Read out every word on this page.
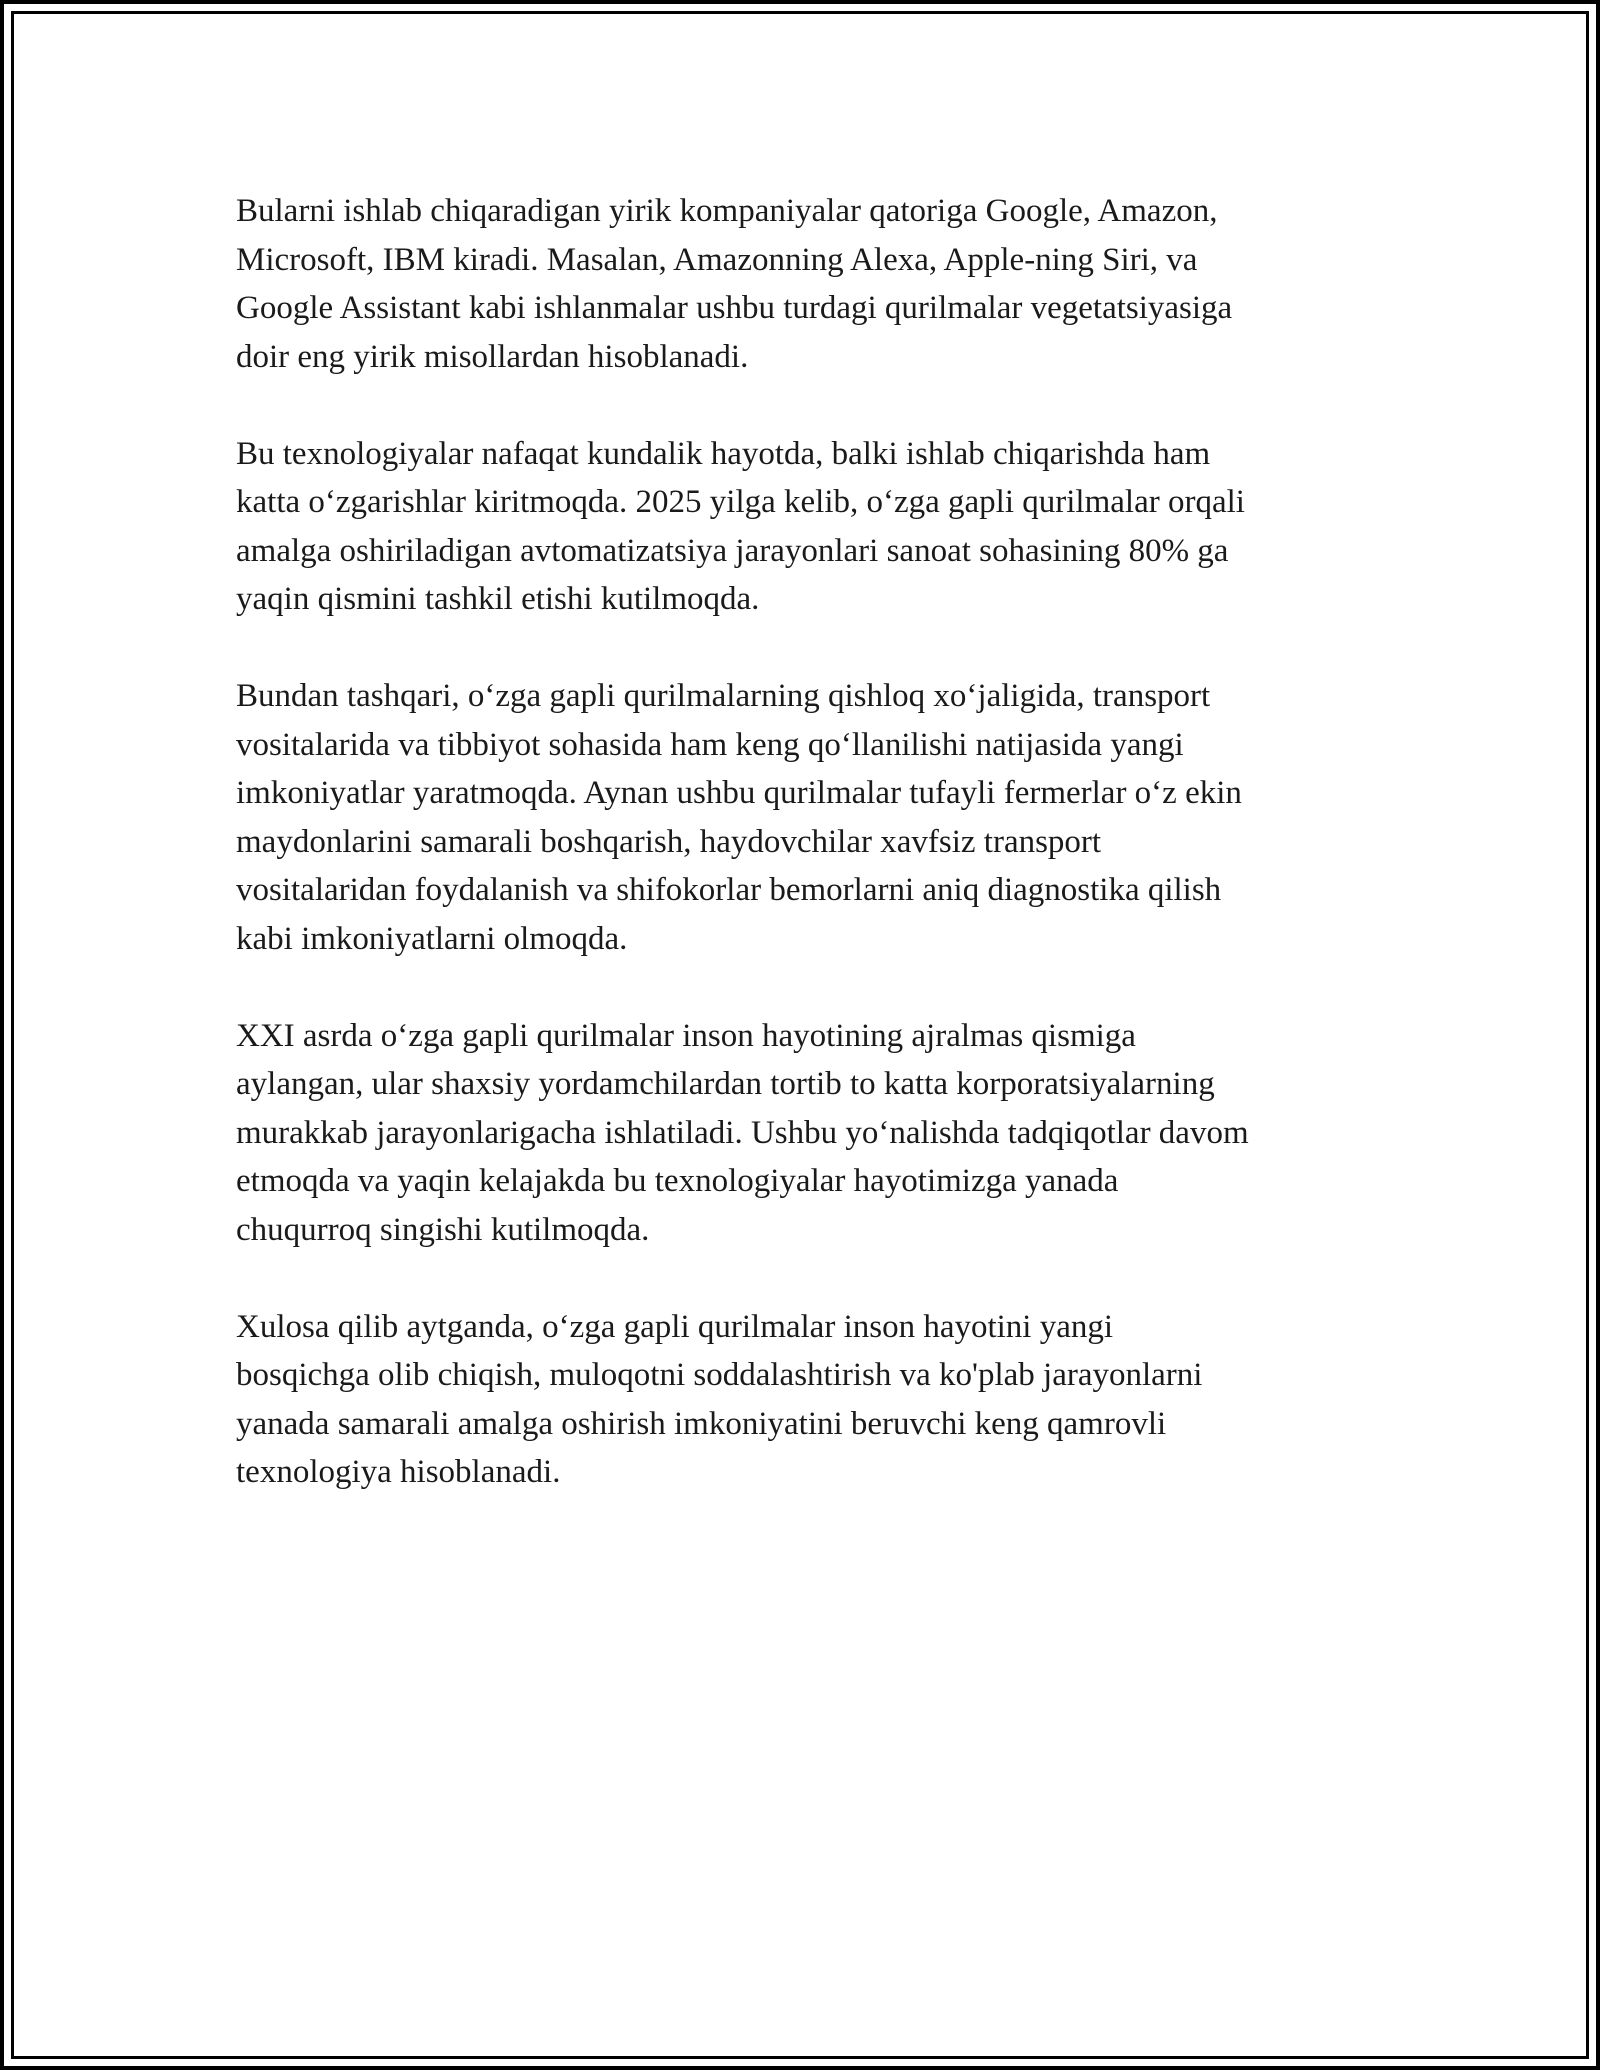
Bularni ishlab chiqaradigan yirik kompaniyalar qatoriga Google, Amazon,
Microsoft, IBM kiradi. Masalan, Amazonning Alexa, Apple-ning Siri, va
Google Assistant kabi ishlanmalar ushbu turdagi qurilmalar vegetatsiyasiga
doir eng yirik misollardan hisoblanadi.

Bu texnologiyalar nafaqat kundalik hayotda, balki ishlab chiqarishda ham
katta o‘zgarishlar kiritmoqda. 2025 yilga kelib, o‘zga gapli qurilmalar orqali
amalga oshiriladigan avtomatizatsiya jarayonlari sanoat sohasining 80% ga
yaqin qismini tashkil etishi kutilmoqda.

Bundan tashqari, o‘zga gapli qurilmalarning qishloq xo‘jaligida, transport
vositalarida va tibbiyot sohasida ham keng qo‘llanilishi natijasida yangi
imkoniyatlar yaratmoqda. Aynan ushbu qurilmalar tufayli fermerlar o‘z ekin
maydonlarini samarali boshqarish, haydovchilar xavfsiz transport
vositalaridan foydalanish va shifokorlar bemorlarni aniq diagnostika qilish
kabi imkoniyatlarni olmoqda.

XXI asrda o‘zga gapli qurilmalar inson hayotining ajralmas qismiga
aylangan, ular shaxsiy yordamchilardan tortib to katta korporatsiyalarning
murakkab jarayonlarigacha ishlatiladi. Ushbu yo‘nalishda tadqiqotlar davom
etmoqda va yaqin kelajakda bu texnologiyalar hayotimizga yanada
chuqurroq singishi kutilmoqda.

Xulosa qilib aytganda, o‘zga gapli qurilmalar inson hayotini yangi
bosqichga olib chiqish, muloqotni soddalashtirish va ko'plab jarayonlarni
yanada samarali amalga oshirish imkoniyatini beruvchi keng qamrovli
texnologiya hisoblanadi.
